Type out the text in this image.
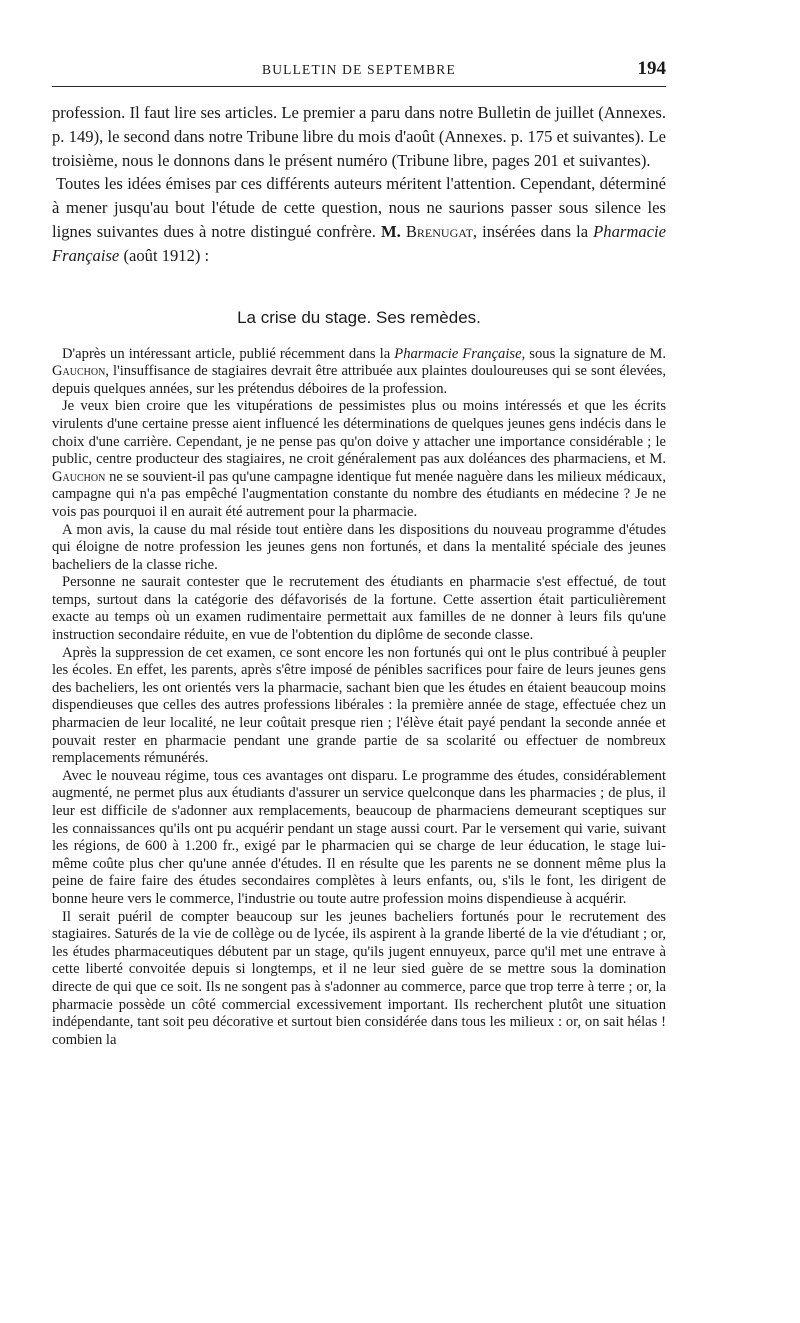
BULLETIN DE SEPTEMBRE	194

profession. Il faut lire ses articles. Le premier a paru dans notre Bulletin de juillet (Annexes. p. 149), le second dans notre Tribune libre du mois d'août (Annexes. p. 175 et suivantes). Le troisième, nous le donnons dans le présent numéro (Tribune libre, pages 201 et suivantes).

Toutes les idées émises par ces différents auteurs méritent l'attention. Cependant, déterminé à mener jusqu'au bout l'étude de cette question, nous ne saurions passer sous silence les lignes suivantes dues à notre distingué confrère. M. Brenugat, insérées dans la Pharmacie Française (août 1912) :

La crise du stage. Ses remèdes.

D'après un intéressant article, publié récemment dans la Pharmacie Française, sous la signature de M. Gauchon, l'insuffisance de stagiaires devrait être attribuée aux plaintes douloureuses qui se sont élevées, depuis quelques années, sur les prétendus déboires de la profession.

Je veux bien croire que les vitupérations de pessimistes plus ou moins intéressés et que les écrits virulents d'une certaine presse aient influencé les déterminations de quelques jeunes gens indécis dans le choix d'une carrière. Cependant, je ne pense pas qu'on doive y attacher une importance considérable ; le public, centre producteur des stagiaires, ne croit généralement pas aux doléances des pharmaciens, et M. Gauchon ne se souvient-il pas qu'une campagne identique fut menée naguère dans les milieux médicaux, campagne qui n'a pas empêché l'augmentation constante du nombre des étudiants en médecine ? Je ne vois pas pourquoi il en aurait été autrement pour la pharmacie.

A mon avis, la cause du mal réside tout entière dans les dispositions du nouveau programme d'études qui éloigne de notre profession les jeunes gens non fortunés, et dans la mentalité spéciale des jeunes bacheliers de la classe riche.

Personne ne saurait contester que le recrutement des étudiants en pharmacie s'est effectué, de tout temps, surtout dans la catégorie des défavorisés de la fortune. Cette assertion était particulièrement exacte au temps où un examen rudimentaire permettait aux familles de ne donner à leurs fils qu'une instruction secondaire réduite, en vue de l'obtention du diplôme de seconde classe.

Après la suppression de cet examen, ce sont encore les non fortunés qui ont le plus contribué à peupler les écoles. En effet, les parents, après s'être imposé de pénibles sacrifices pour faire de leurs jeunes gens des bacheliers, les ont orientés vers la pharmacie, sachant bien que les études en étaient beaucoup moins dispendieuses que celles des autres professions libérales : la première année de stage, effectuée chez un pharmacien de leur localité, ne leur coûtait presque rien ; l'élève était payé pendant la seconde année et pouvait rester en pharmacie pendant une grande partie de sa scolarité ou effectuer de nombreux remplacements rémunérés.

Avec le nouveau régime, tous ces avantages ont disparu. Le programme des études, considérablement augmenté, ne permet plus aux étudiants d'assurer un service quelconque dans les pharmacies ; de plus, il leur est difficile de s'adonner aux remplacements, beaucoup de pharmaciens demeurant sceptiques sur les connaissances qu'ils ont pu acquérir pendant un stage aussi court. Par le versement qui varie, suivant les régions, de 600 à 1.200 fr., exigé par le pharmacien qui se charge de leur éducation, le stage lui-même coûte plus cher qu'une année d'études. Il en résulte que les parents ne se donnent même plus la peine de faire faire des études secondaires complètes à leurs enfants, ou, s'ils le font, les dirigent de bonne heure vers le commerce, l'industrie ou toute autre profession moins dispendieuse à acquérir.

Il serait puéril de compter beaucoup sur les jeunes bacheliers fortunés pour le recrutement des stagiaires. Saturés de la vie de collège ou de lycée, ils aspirent à la grande liberté de la vie d'étudiant ; or, les études pharmaceutiques débutent par un stage, qu'ils jugent ennuyeux, parce qu'il met une entrave à cette liberté convoitée depuis si longtemps, et il ne leur sied guère de se mettre sous la domination directe de qui que ce soit. Ils ne songent pas à s'adonner au commerce, parce que trop terre à terre ; or, la pharmacie possède un côté commercial excessivement important. Ils recherchent plutôt une situation indépendante, tant soit peu décorative et surtout bien considérée dans tous les milieux : or, on sait hélas ! combien la
